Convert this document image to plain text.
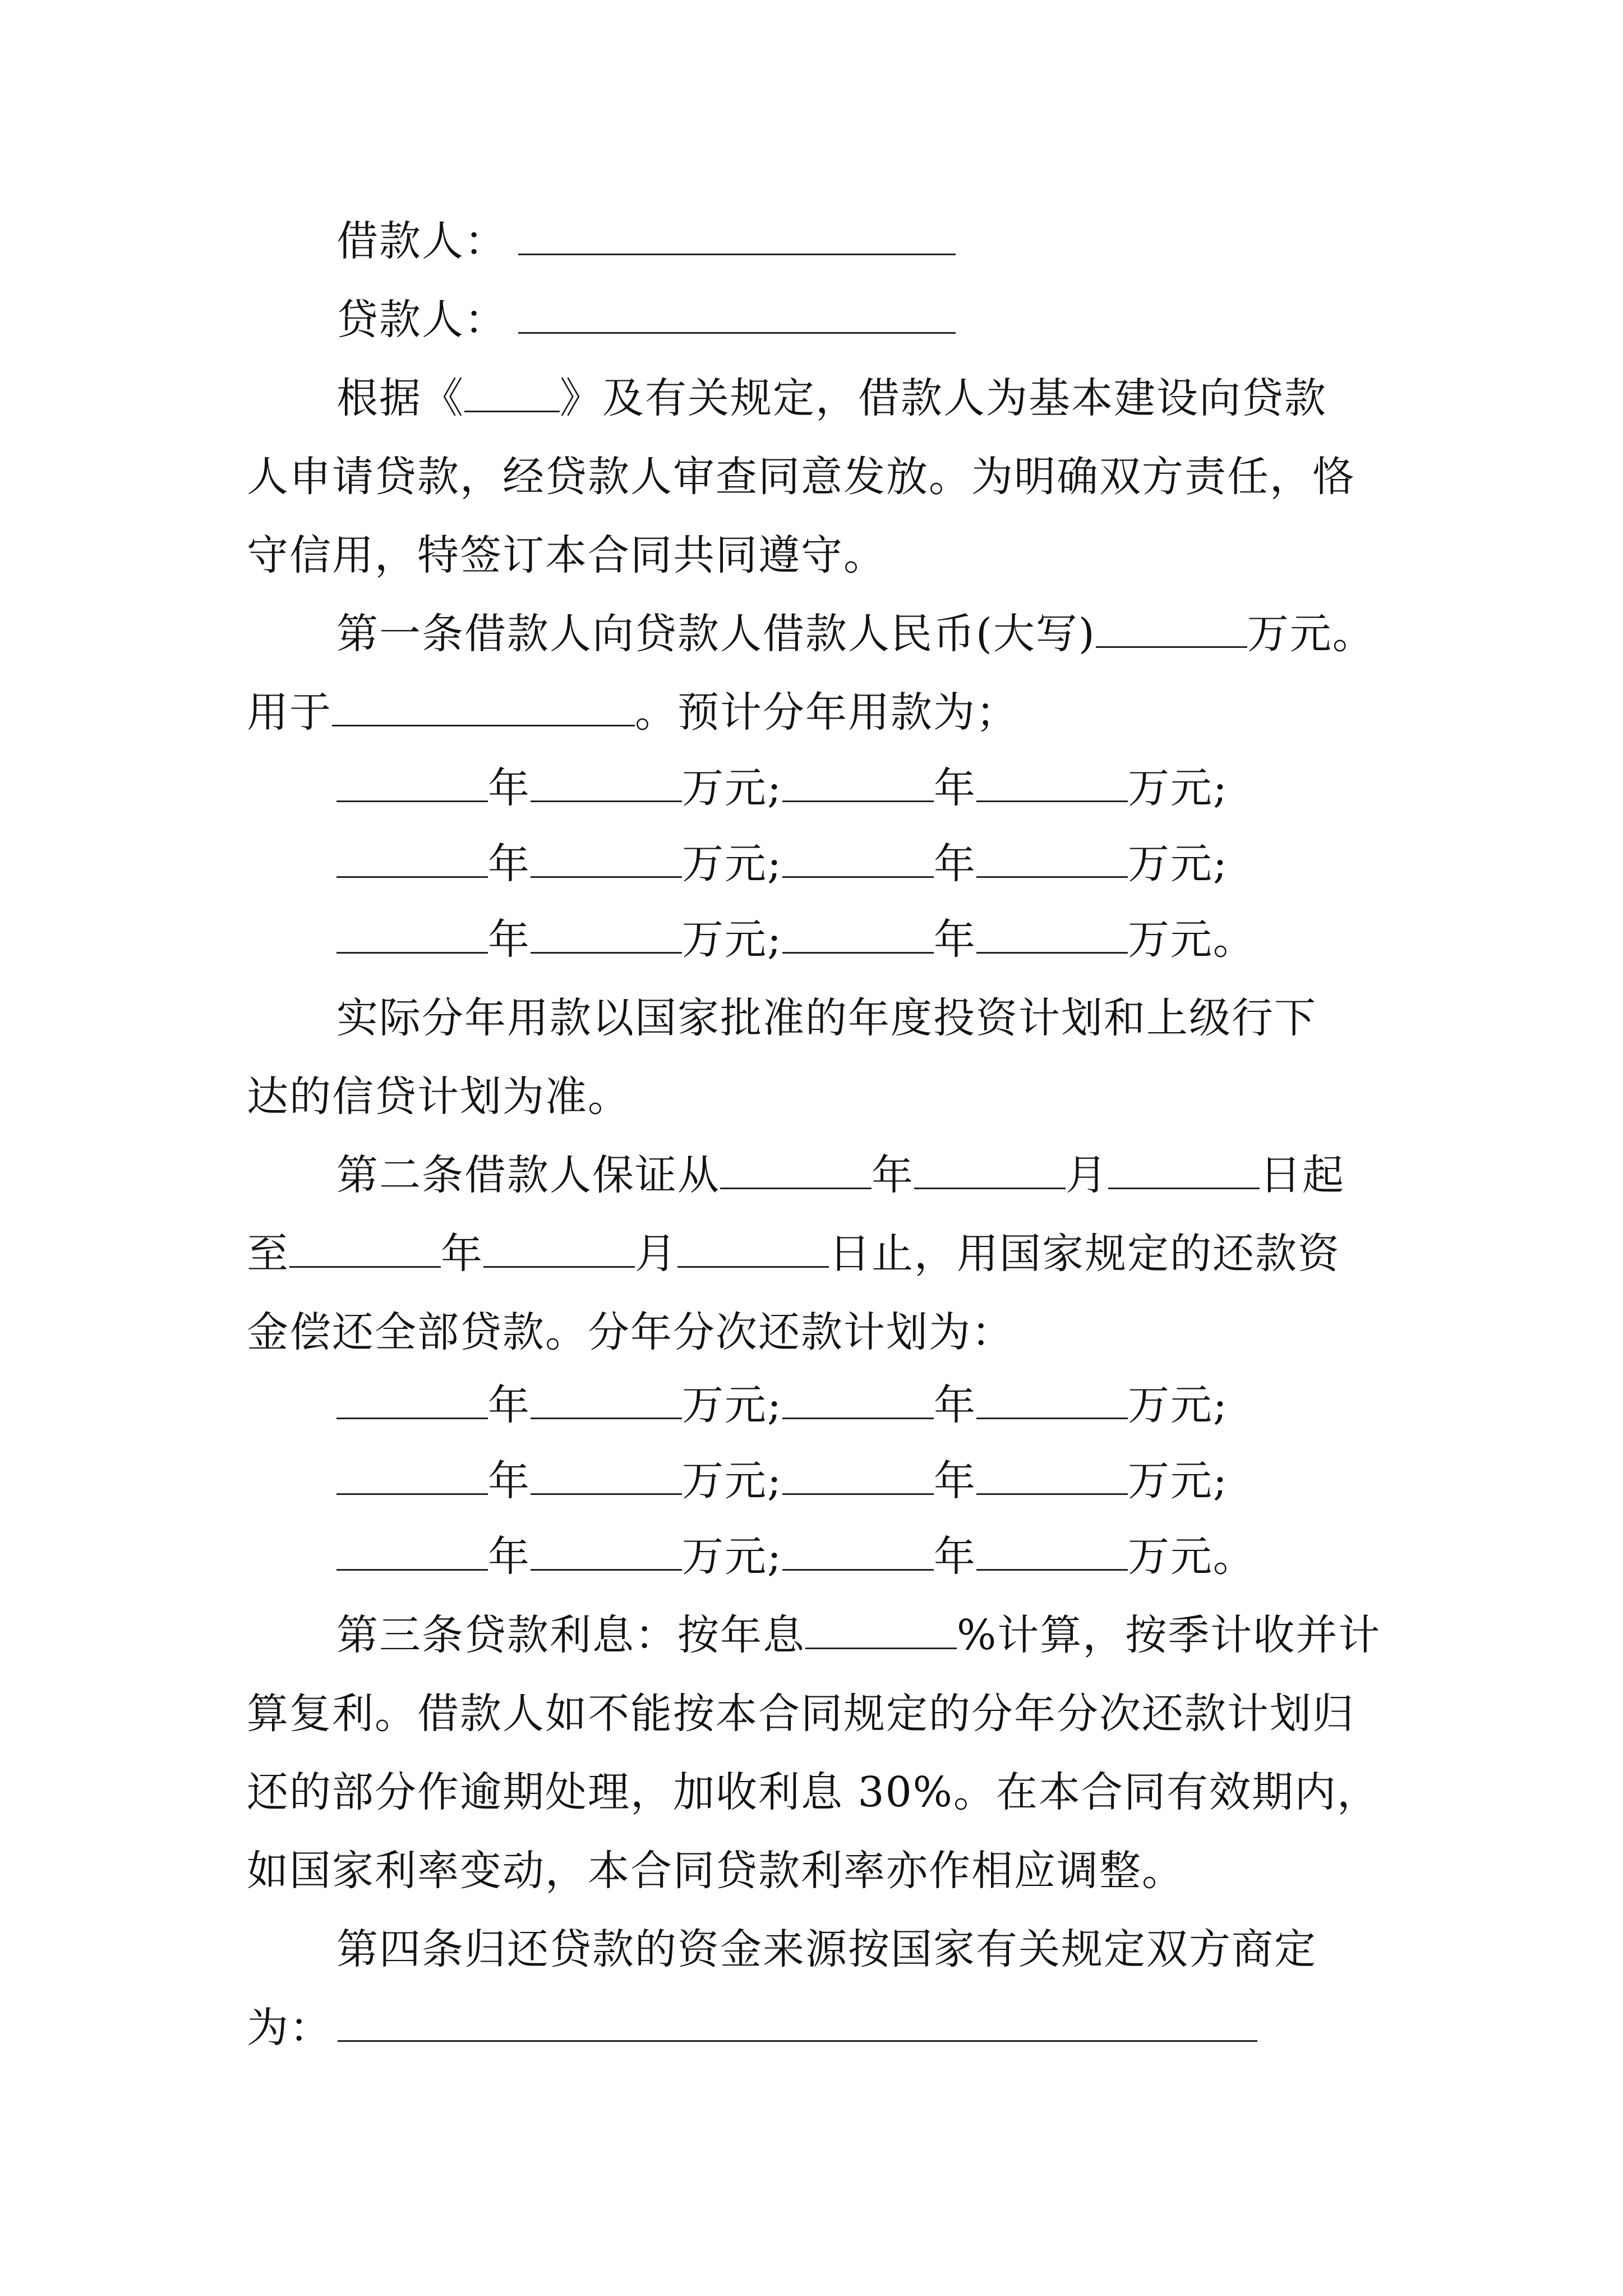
借款人：
贷款人：
根据《 》及有关规定，借款人为基本建设向贷款
人申请贷款，经贷款人审查同意发放。为明确双方责任，恪
守信用，特签订本合同共同遵守。
第一条借款人向贷款人借款人民币(大写)	万元。
用于	。预计分年用款为；
年	万元;	年	万元;
年	万元;	年	万元;
年	万元;	年	万元。
实际分年用款以国家批准的年度投资计划和上级行下
达的信贷计划为准。
第二条借款人保证从	年	月	日起
至	年	月	日止，用国家规定的还款资
金偿还全部贷款。分年分次还款计划为：
年	万元;	年	万元;
年	万元;	年	万元;
年	万元;	年	万元。
第三条贷款利息：按年息	%计算，按季计收并计
算复利。借款人如不能按本合同规定的分年分次还款计划归
还的部分作逾期处理，加收利息 30%。在本合同有效期内，
如国家利率变动，本合同贷款利率亦作相应调整。
第四条归还贷款的资金来源按国家有关规定双方商定
为：
